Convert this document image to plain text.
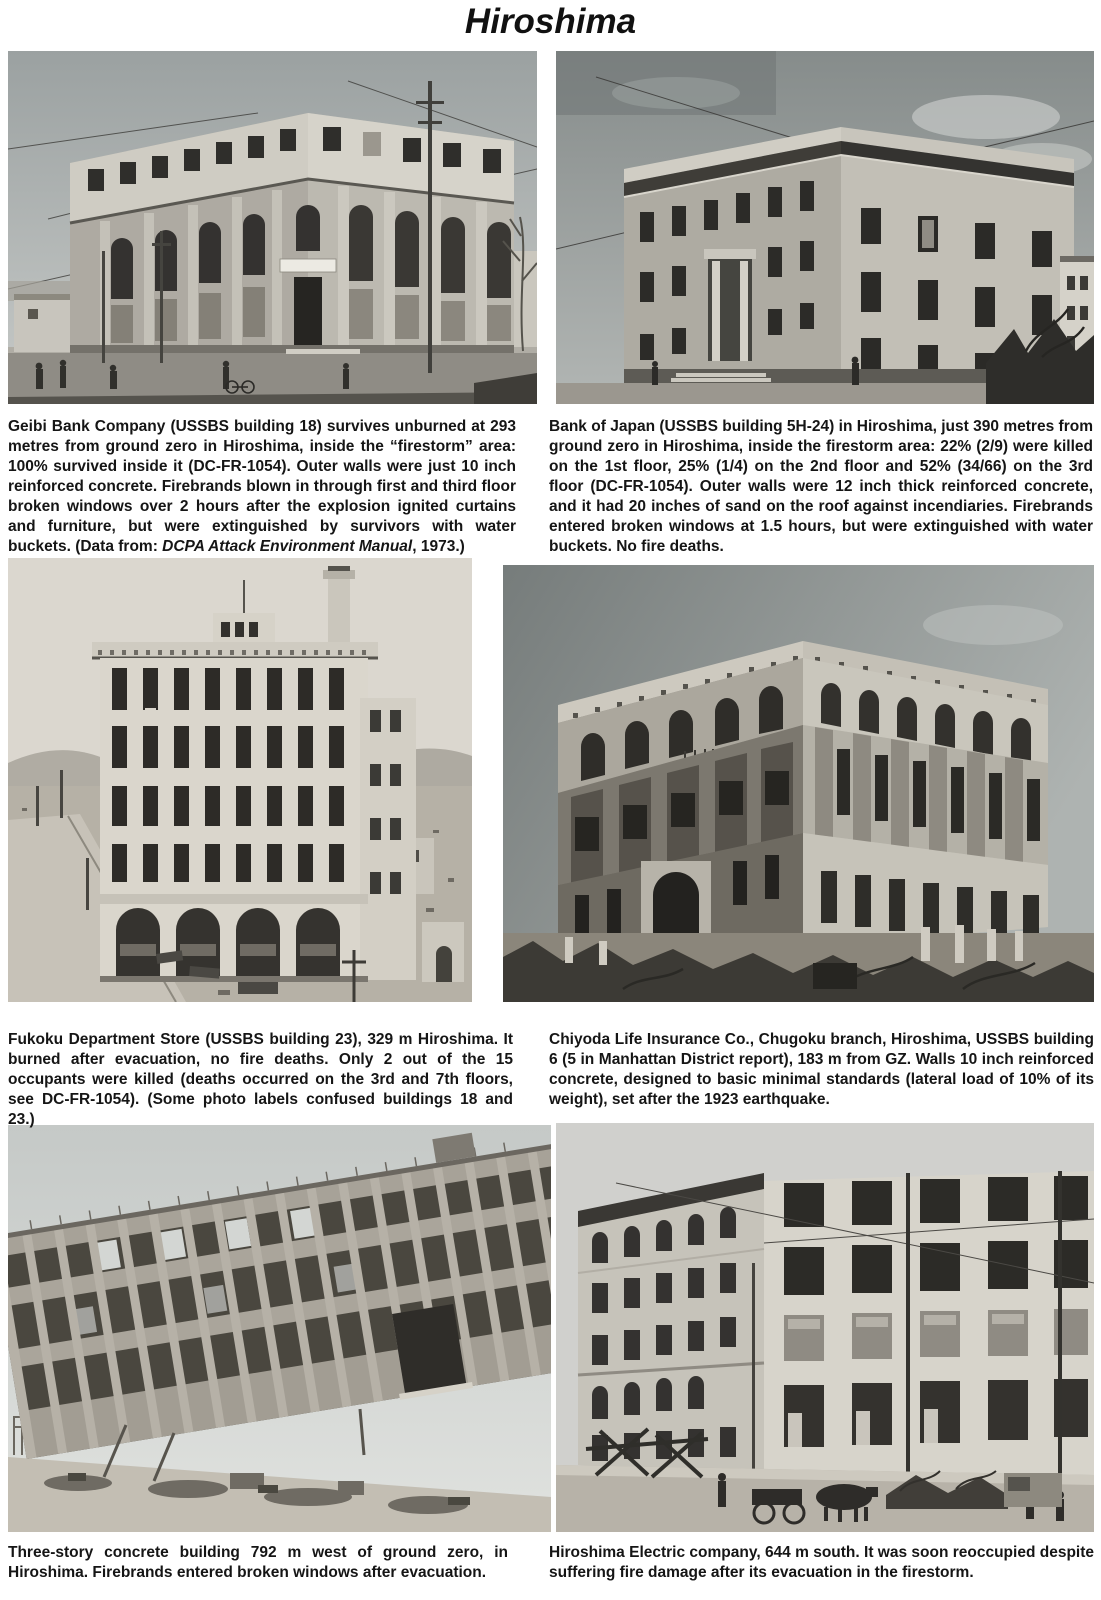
Hiroshima
Geibi Bank Company (USSBS building 18) survives unburned at 293 metres from ground zero in Hiroshima, inside the “firestorm” area: 100% survived inside it (DC-FR-1054). Outer walls were just 10 inch reinforced concrete. Firebrands blown in through first and third floor broken windows over 2 hours after the explosion ignited curtains and furniture, but were extinguished by survivors with water buckets. (Data from: DCPA Attack Environment Manual, 1973.)
Bank of Japan (USSBS building 5H-24) in Hiroshima, just 390 metres from ground zero in Hiroshima, inside the firestorm area: 22% (2/9) were killed on the 1st floor, 25% (1/4) on the 2nd floor and 52% (34/66) on the 3rd floor (DC-FR-1054). Outer walls were 12 inch thick reinforced concrete, and it had 20 inches of sand on the roof against incendiaries. Firebrands entered broken windows at 1.5 hours, but were extinguished with water buckets. No fire deaths.
Fukoku Department Store (USSBS building 23), 329 m Hiroshima. It burned after evacuation, no fire deaths. Only 2 out of the 15 occupants were killed (deaths occurred on the 3rd and 7th floors, see DC-FR-1054). (Some photo labels confused buildings 18 and 23.)
Chiyoda Life Insurance Co., Chugoku branch, Hiroshima, USSBS building 6 (5 in Manhattan District report), 183 m from GZ. Walls 10 inch reinforced concrete, designed to basic minimal standards (lateral load of 10% of its weight), set after the 1923 earthquake.
Three-story concrete building 792 m west of ground zero, in Hiroshima. Firebrands entered broken windows after evacuation.
Hiroshima Electric company, 644 m south. It was soon reoccupied despite suffering fire damage after its evacuation in the firestorm.
